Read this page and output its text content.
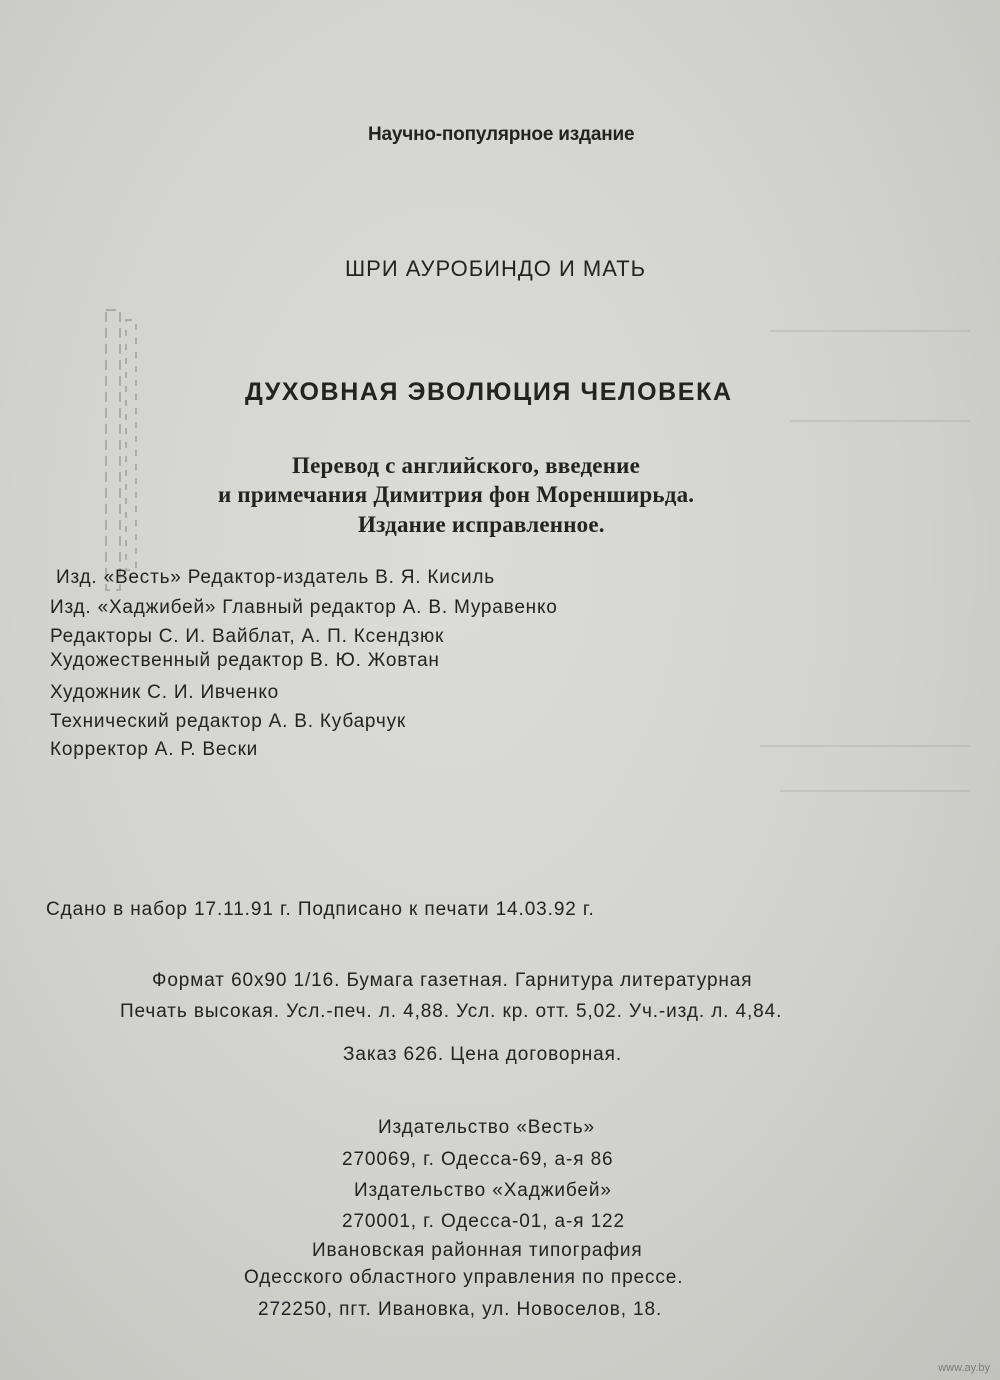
Научно-популярное издание

ШРИ АУРОБИНДО И МАТЬ

ДУХОВНАЯ ЭВОЛЮЦИЯ ЧЕЛОВЕКА

Перевод с английского, введение

и примечания Димитрия фон Моренширьда.

Издание исправленное.

Изд. «Весть» Редактор-издатель В. Я. Кисиль

Изд. «Хаджибей» Главный редактор А. В. Муравенко

Редакторы С. И. Вайблат, А. П. Ксендзюк

Художественный редактор В. Ю. Жовтан

Художник С. И. Ивченко

Технический редактор А. В. Кубарчук

Корректор А. Р. Вески

Сдано в набор 17.11.91 г. Подписано к печати 14.03.92 г.

Формат 60х90 1/16. Бумага газетная. Гарнитура литературная

Печать высокая. Усл.-печ. л. 4,88. Усл. кр. отт. 5,02. Уч.-изд. л. 4,84.

Заказ 626. Цена договорная.

Издательство «Весть»

270069, г. Одесса-69, а-я 86

Издательство «Хаджибей»

270001, г. Одесса-01, а-я 122

Ивановская районная типография

Одесского областного управления по прессе.

272250, пгт. Ивановка, ул. Новоселов, 18.

www.ay.by
